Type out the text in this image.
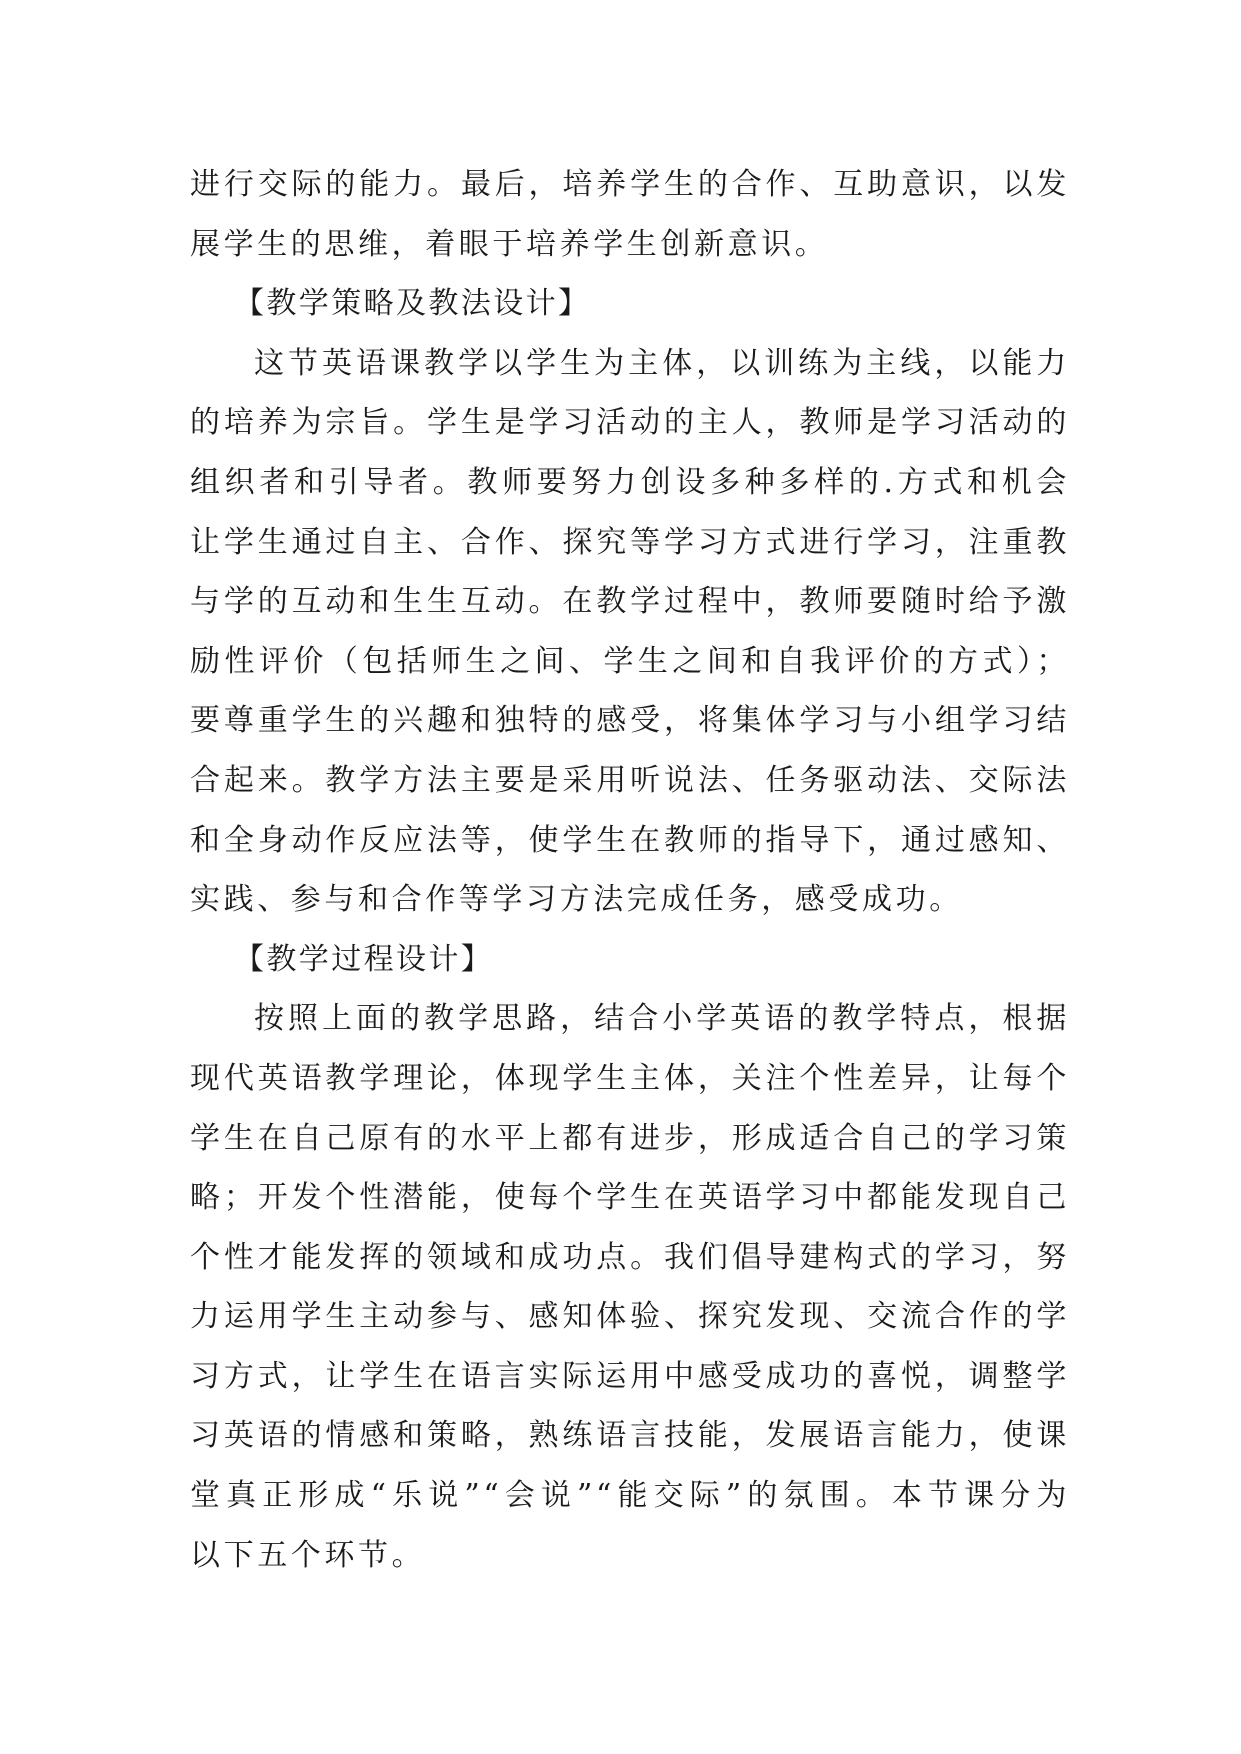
进行交际的能力。最后，培养学生的合作、互助意识，以发
展学生的思维，着眼于培养学生创新意识。
【教学策略及教法设计】
这节英语课教学以学生为主体，以训练为主线，以能力
的培养为宗旨。学生是学习活动的主人，教师是学习活动的
组织者和引导者。教师要努力创设多种多样的.方式和机会
让学生通过自主、合作、探究等学习方式进行学习，注重教
与学的互动和生生互动。在教学过程中，教师要随时给予激
励性评价（包括师生之间、学生之间和自我评价的方式）；
要尊重学生的兴趣和独特的感受，将集体学习与小组学习结
合起来。教学方法主要是采用听说法、任务驱动法、交际法
和全身动作反应法等，使学生在教师的指导下，通过感知、
实践、参与和合作等学习方法完成任务，感受成功。
【教学过程设计】
按照上面的教学思路，结合小学英语的教学特点，根据
现代英语教学理论，体现学生主体，关注个性差异，让每个
学生在自己原有的水平上都有进步，形成适合自己的学习策
略；开发个性潜能，使每个学生在英语学习中都能发现自己
个性才能发挥的领域和成功点。我们倡导建构式的学习，努
力运用学生主动参与、感知体验、探究发现、交流合作的学
习方式，让学生在语言实际运用中感受成功的喜悦，调整学
习英语的情感和策略，熟练语言技能，发展语言能力，使课
堂真正形成“乐说”“会说”“能交际”的氛围。本节课分为
以下五个环节。
